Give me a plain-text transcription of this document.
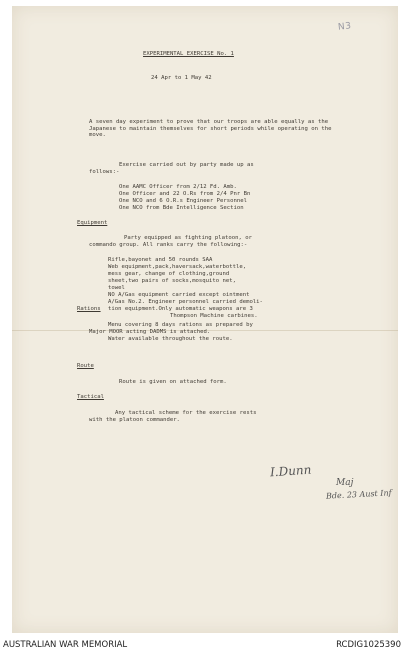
N3
EXPERIMENTAL EXERCISE No. 1
24 Apr to 1 May 42
A seven day experiment to prove that our troops are able equally as the Japanese to maintain themselves for short periods while operating on the move.
Exercise carried out by party made up as
follows:-
One AAMC Officer from 2/12 Fd. Amb.
One Officer and 22 O.Rs from 2/4 Pnr Bn
One NCO and 6 O.R.s Engineer Personnel
One NCO from Bde Intelligence Section
Equipment
Party equipped as fighting platoon, or
commando group. All ranks carry the following:-
Rifle,bayonet and 50 rounds SAA
Web equipment,pack,haversack,waterbottle,
mess gear, change of clothing,ground
sheet,two pairs of socks,mosquito net,
towel
NO A/Gas equipment carried except ointment
A/Gas No.2. Engineer personnel carried demoli-
tion equipment.Only automatic weapons are 3
Thompson Machine carbines.
Rations
Menu covering 8 days rations as prepared by
Major MOOR acting DADMS is attached.
Water available throughout the route.
Route
Route is given on attached form.
Tactical
Any tactical scheme for the exercise rests
with the platoon commander.
I.Dunn
Maj
Bde. 23 Aust Inf
AUSTRALIAN WAR MEMORIAL	RCDIG1025390
